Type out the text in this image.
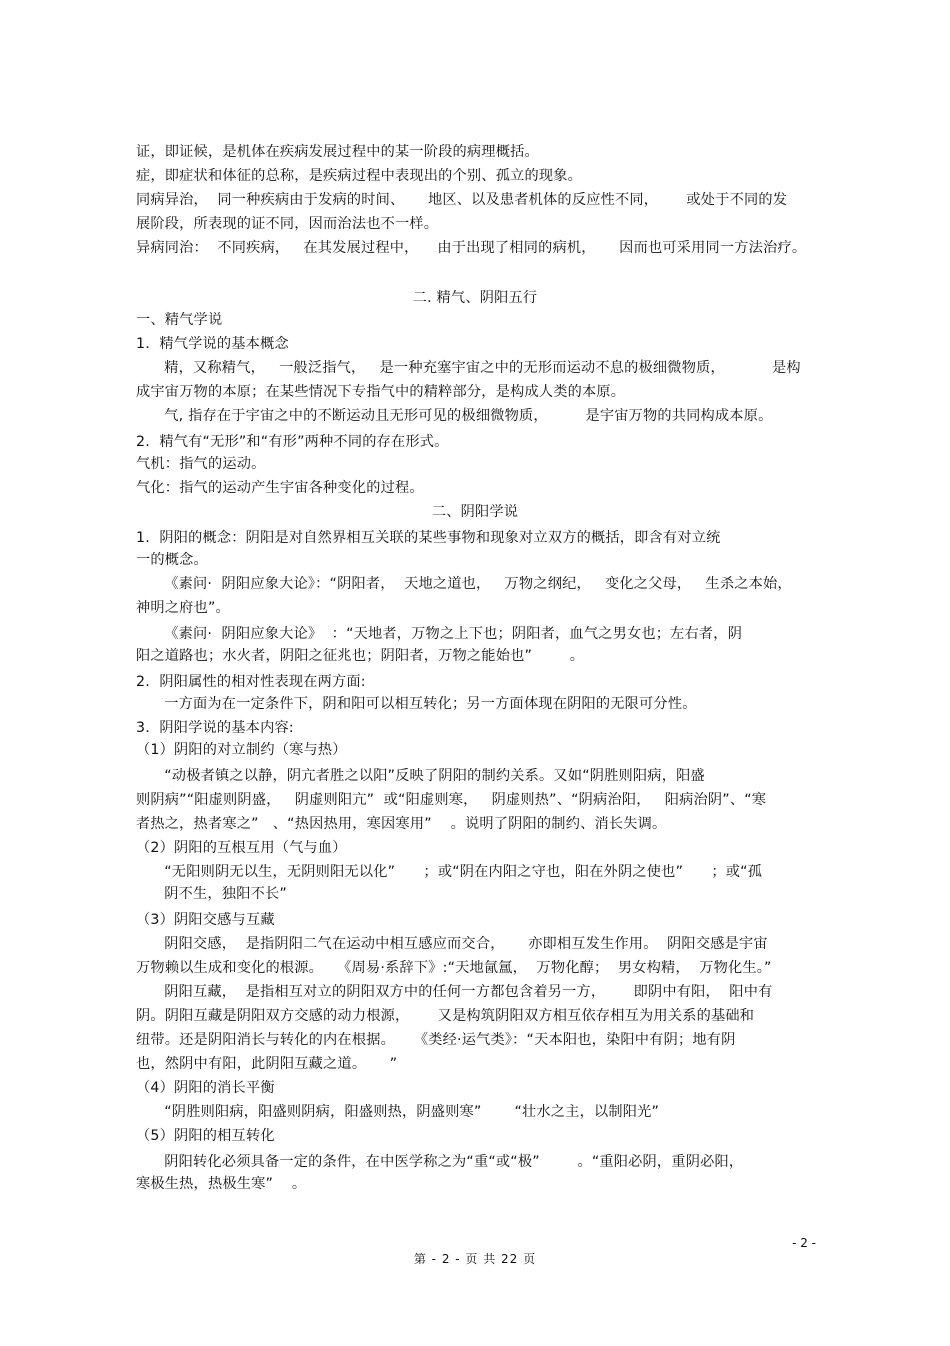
证，即证候，是机体在疾病发展过程中的某一阶段的病理概括。
症，即症状和体征的总称，是疾病过程中表现出的个别、孤立的现象。
同病异治，  同一种疾病由于发病的时间、     地区、以及患者机体的反应性不同，      或处于不同的发
展阶段，所表现的证不同，因而治法也不一样。
异病同治：  不同疾病，   在其发展过程中，    由于出现了相同的病机，     因而也可采用同一方法治疗。
二. 精气、阴阳五行
一、精气学说
1.  精气学说的基本概念
精，又称精气，   一般泛指气，   是一种充塞宇宙之中的无形而运动不息的极细微物质，          是构
成宇宙万物的本原；在某些情况下专指气中的精粹部分，是构成人类的本原。
气, 指存在于宇宙之中的不断运动且无形可见的极细微物质，        是宇宙万物的共同构成本原。
2.  精气有“无形”和“有形”两种不同的存在形式。
气机：指气的运动。
气化：指气的运动产生宇宙各种变化的过程。
二、阴阳学说
1.  阴阳的概念：阴阳是对自然界相互关联的某些事物和现象对立双方的概括，即含有对立统
一的概念。
《素问·  阴阳应象大论》：“阴阳者，  天地之道也，   万物之纲纪，   变化之父母，   生杀之本始，
神明之府也”。
《素问·  阴阳应象大论》  ：“天地者，万物之上下也；阴阳者，血气之男女也；左右者，阴
阳之道路也；水火者，阴阳之征兆也；阴阳者，万物之能始也”        。
2.  阴阳属性的相对性表现在两方面:
一方面为在一定条件下，阴和阳可以相互转化；另一方面体现在阴阳的无限可分性。
3.  阴阳学说的基本内容:
（1）阴阳的对立制约（寒与热）
“动极者镇之以静，阴亢者胜之以阳”反映了阴阳的制约关系。又如“阴胜则阳病，阳盛
则阴病”“阳虚则阴盛，   阴虚则阳亢”  或“阳虚则寒，   阴虚则热”、“阴病治阳，   阳病治阴”、“寒
者热之，热者寒之”   、“热因热用，寒因寒用”    。说明了阴阳的制约、消长失调。
（2）阴阳的互根互用（气与血）
“无阳则阴无以生，无阴则阳无以化”      ；或“阴在内阳之守也，阳在外阴之使也”      ；或“孤
阴不生，独阳不长”
（3）阴阳交感与互藏
阴阳交感，  是指阴阳二气在运动中相互感应而交合，     亦即相互发生作用。  阴阳交感是宇宙
万物赖以生成和变化的根源。   《周易·系辞下》:“天地氤氲，  万物化醇；  男女构精，  万物化生。”
阴阳互藏，  是指相互对立的阴阳双方中的任何一方都包含着另一方，      即阴中有阳，  阳中有
阴。阴阳互藏是阴阳双方交感的动力根源，      又是构筑阴阳双方相互依存相互为用关系的基础和
纽带。还是阴阳消长与转化的内在根据。    《类经·运气类》：“天本阳也，染阳中有阴；地有阴
也，然阴中有阳，此阴阳互藏之道。     ”
（4）阴阳的消长平衡
“阴胜则阳病，阳盛则阴病，阳盛则热，阴盛则寒”       “壮水之主，以制阳光”
（5）阴阳的相互转化
阴阳转化必须具备一定的条件，在中医学称之为“重“或“极”        。“重阳必阴，重阴必阳，
寒极生热，热极生寒”    。
- 2 -
第 - 2 - 页 共 22 页
